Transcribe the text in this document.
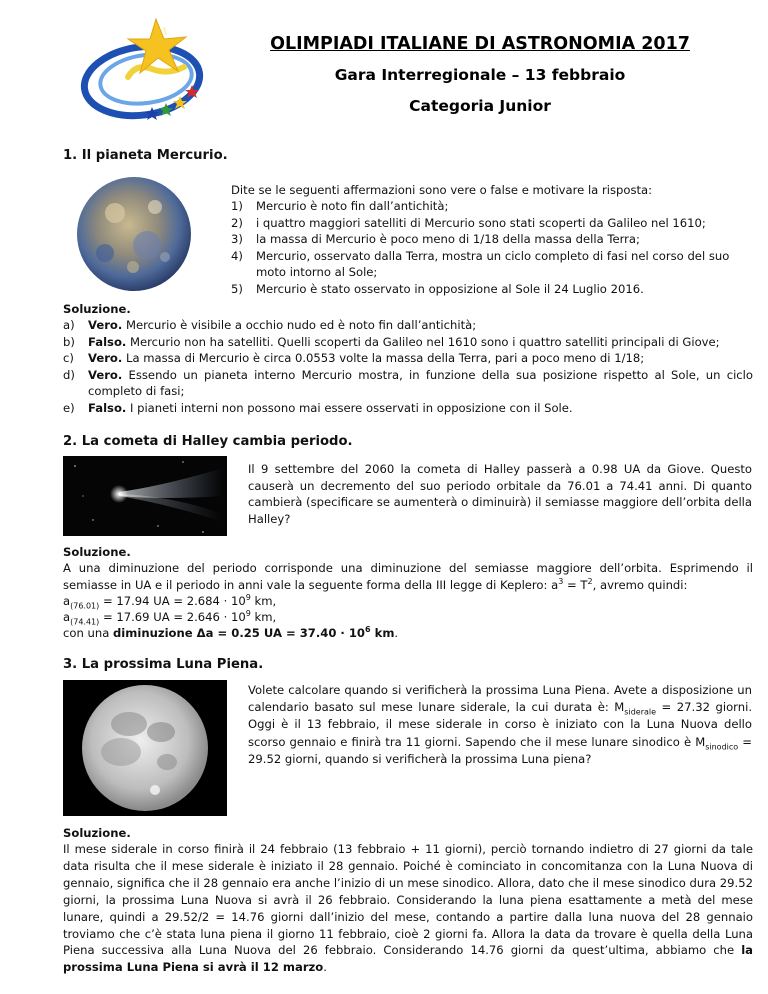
OLIMPIADI ITALIANE DI ASTRONOMIA 2017
Gara Interregionale – 13 febbraio
Categoria Junior
1. Il pianeta Mercurio.
Dite se le seguenti affermazioni sono vere o false e motivare la risposta:
1) Mercurio è noto fin dall’antichità;
2) i quattro maggiori satelliti di Mercurio sono stati scoperti da Galileo nel 1610;
3) la massa di Mercurio è poco meno di 1/18 della massa della Terra;
4) Mercurio, osservato dalla Terra, mostra un ciclo completo di fasi nel corso del suo moto intorno al Sole;
5) Mercurio è stato osservato in opposizione al Sole il 24 Luglio 2016.
Soluzione.
a) Vero. Mercurio è visibile a occhio nudo ed è noto fin dall’antichità;
b) Falso. Mercurio non ha satelliti. Quelli scoperti da Galileo nel 1610 sono i quattro satelliti principali di Giove;
c) Vero. La massa di Mercurio è circa 0.0553 volte la massa della Terra, pari a poco meno di 1/18;
d) Vero. Essendo un pianeta interno Mercurio mostra, in funzione della sua posizione rispetto al Sole, un ciclo completo di fasi;
e) Falso. I pianeti interni non possono mai essere osservati in opposizione con il Sole.
2. La cometa di Halley cambia periodo.
Il 9 settembre del 2060 la cometa di Halley passerà a 0.98 UA da Giove. Questo causerà un decremento del suo periodo orbitale da 76.01 a 74.41 anni. Di quanto cambierà (specificare se aumenterà o diminuirà) il semiasse maggiore dell’orbita della Halley?
Soluzione.
A una diminuzione del periodo corrisponde una diminuzione del semiasse maggiore dell’orbita. Esprimendo il semiasse in UA e il periodo in anni vale la seguente forma della III legge di Keplero: $a^3 = T^2$, avremo quindi:
$a_{(76.01)} = 17.94$ UA = $2.684 \cdot 10^9$ km,
$a_{(74.41)} = 17.69$ UA = $2.646 \cdot 10^9$ km,
con una diminuzione Δa = 0.25 UA = $37.40 \cdot 10^6$ km.
3. La prossima Luna Piena.
Volete calcolare quando si verificherà la prossima Luna Piena. Avete a disposizione un calendario basato sul mese lunare siderale, la cui durata è: $M_{siderale} = 27.32$ giorni. Oggi è il 13 febbraio, il mese siderale in corso è iniziato con la Luna Nuova dello scorso gennaio e finirà tra 11 giorni. Sapendo che il mese lunare sinodico è $M_{sinodico} = 29.52$ giorni, quando si verificherà la prossima Luna piena?
Soluzione.
Il mese siderale in corso finirà il 24 febbraio (13 febbraio + 11 giorni), perciò tornando indietro di 27 giorni da tale data risulta che il mese siderale è iniziato il 28 gennaio. Poiché è cominciato in concomitanza con la Luna Nuova di gennaio, significa che il 28 gennaio era anche l’inizio di un mese sinodico. Allora, dato che il mese sinodico dura 29.52 giorni, la prossima Luna Nuova si avrà il 26 febbraio. Considerando la luna piena esattamente a metà del mese lunare, quindi a 29.52/2 = 14.76 giorni dall’inizio del mese, contando a partire dalla luna nuova del 28 gennaio troviamo che c’è stata luna piena il giorno 11 febbraio, cioè 2 giorni fa. Allora la data da trovare è quella della Luna Piena successiva alla Luna Nuova del 26 febbraio. Considerando 14.76 giorni da quest’ultima, abbiamo che la prossima Luna Piena si avrà il 12 marzo.
